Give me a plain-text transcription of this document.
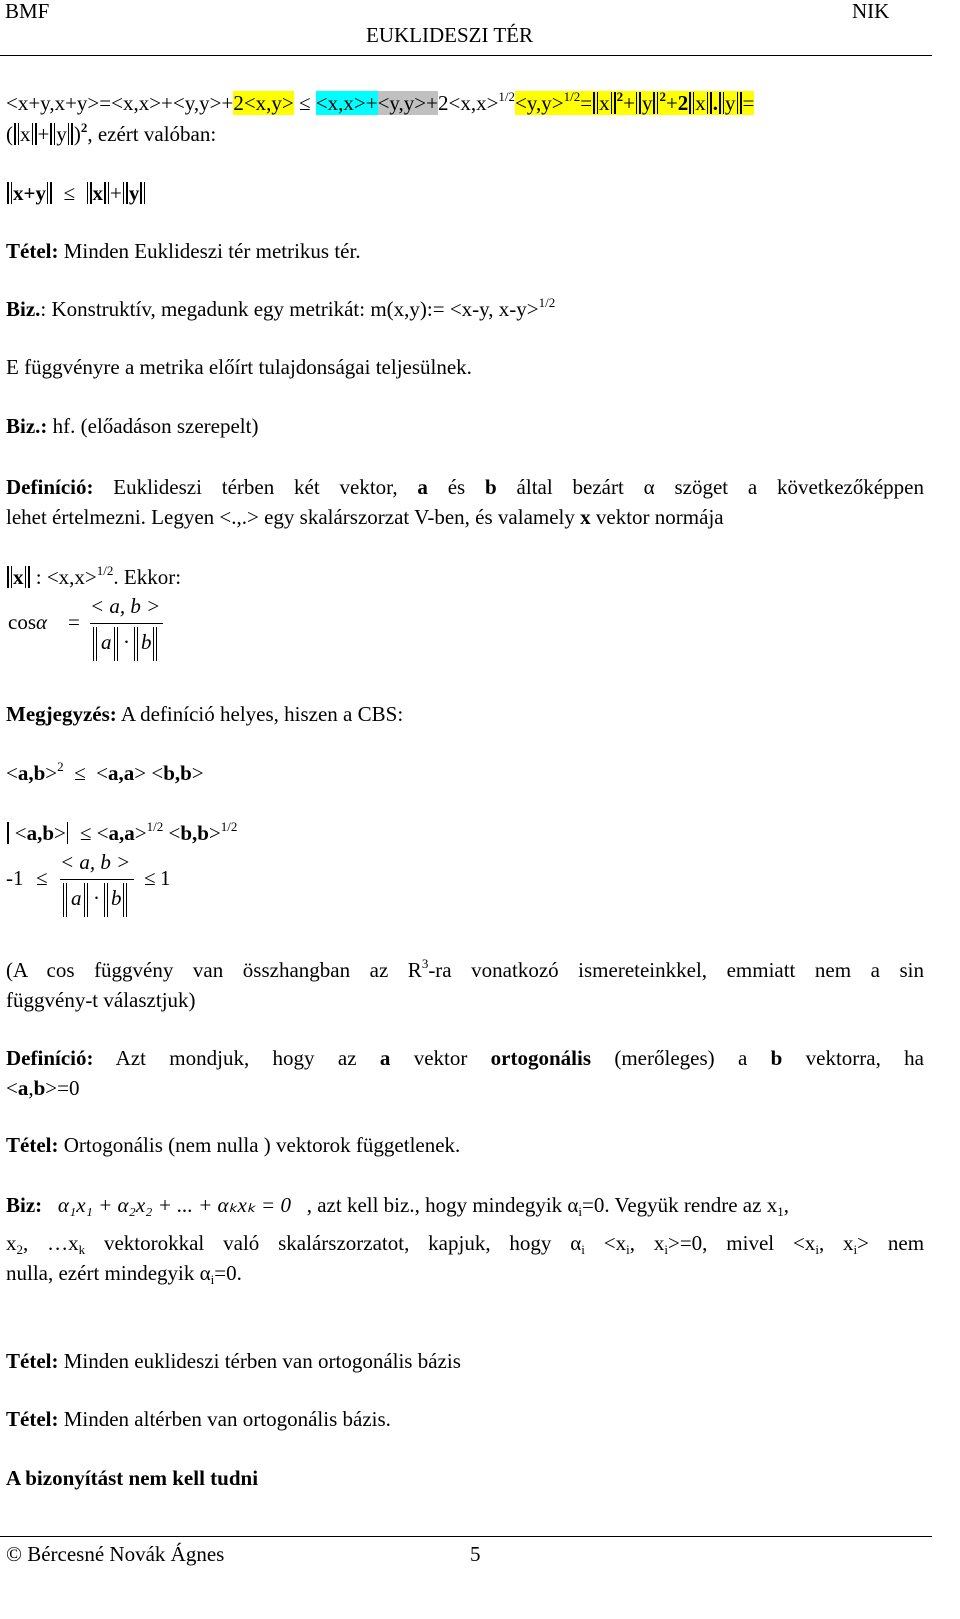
BMF	NIK
EUKLIDESZI TÉR
<x+y,x+y>=<x,x>+<y,y>+2<x,y> ≤ <x,x>+<y,y>+2<x,x>$^{1/2}$<y,y>$^{1/2}$= x $^2$+ y $^2$+2 x . y =
( x + y )$^2$, ezért valóban:
x+y ≤ x + y
Tétel: Minden Euklideszi tér metrikus tér.
Biz.: Konstruktív, megadunk egy metrikát: m(x,y):= <x-y, x-y>$^{1/2}$
E függvényre a metrika előírt tulajdonságai teljesülnek.
Biz.: hf. (előadáson szerepelt)
Definíció: Euklideszi térben két vektor, a és b által bezárt α szöget a következőképpen
lehet értelmezni. Legyen <.,.> egy skalárszorzat V-ben, és valamely x vektor normája
x : <x,x>$^{1/2}$. Ekkor:
cosα =
< a, b >
a · b
Megjegyzés: A definíció helyes, hiszen a CBS:
<a,b>$^2$ ≤ <a,a> <b,b>
<a,b> ≤ <a,a>$^{1/2}$ <b,b>$^{1/2}$
-1 ≤
< a, b >
a · b
≤ 1
(A cos függvény van összhangban az $R^3-ra$ vonatkozó ismereteinkkel, emmiatt nem a sin
függvény-t választjuk)
Definíció: Azt mondjuk, hogy az a vektor ortogonális (merőleges) a b vektorra, ha
<a,b>=0
Tétel: Ortogonális (nem nulla ) vektorok függetlenek.
Biz: α₁x₁ + α₂x₂ + ... + αₖxₖ = 0 , azt kell biz., hogy mindegyik $\alpha_i=0$. Vegyük rendre az $x_1$,
$x_2$, $\dots x_k$ vektorokkal való skalárszorzatot, kapjuk, hogy $\alpha_i <x_i$, $x_i>=0$, mivel $<x_i$, $x_i>$ nem
nulla, ezért mindegyik $\alpha_i=0$.
Tétel: Minden euklideszi térben van ortogonális bázis
Tétel: Minden altérben van ortogonális bázis.
A bizonyítást nem kell tudni
© Bércesné Novák Ágnes	5
